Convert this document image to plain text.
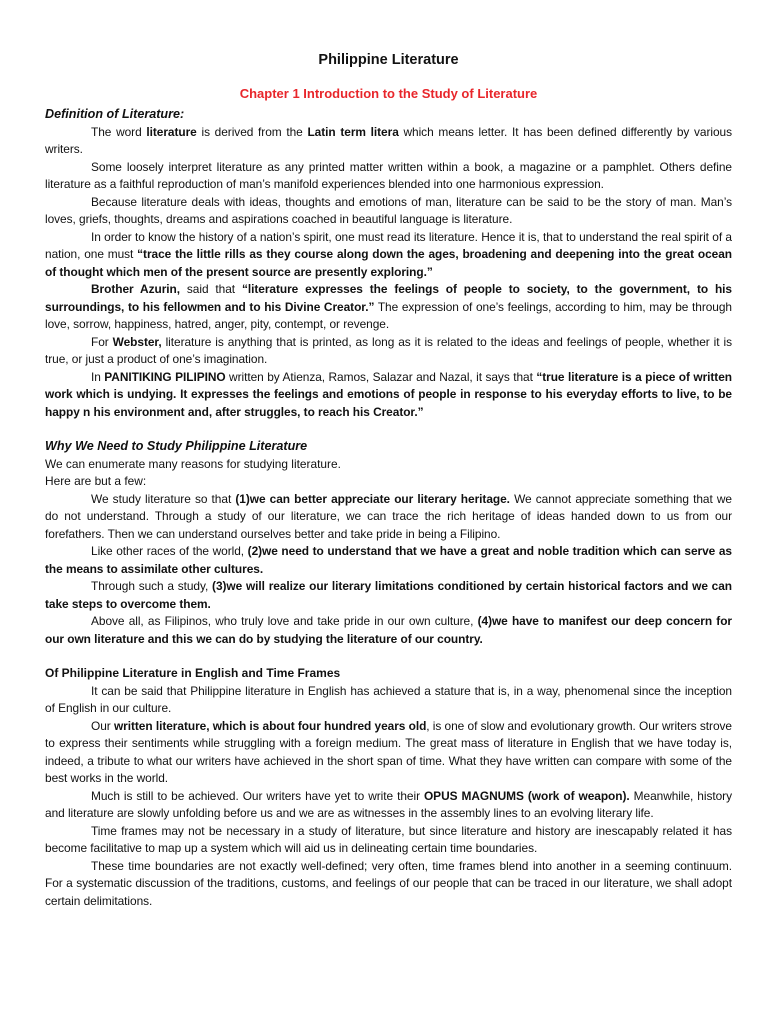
Philippine Literature
Chapter 1 Introduction to the Study of Literature
Definition of Literature:

The word literature is derived from the Latin term litera which means letter. It has been defined differently by various writers.

Some loosely interpret literature as any printed matter written within a book, a magazine or a pamphlet. Others define literature as a faithful reproduction of man’s manifold experiences blended into one harmonious expression.

Because literature deals with ideas, thoughts and emotions of man, literature can be said to be the story of man. Man’s loves, griefs, thoughts, dreams and aspirations coached in beautiful language is literature.

In order to know the history of a nation’s spirit, one must read its literature. Hence it is, that to understand the real spirit of a nation, one must “trace the little rills as they course along down the ages, broadening and deepening into the great ocean of thought which men of the present source are presently exploring.”

Brother Azurin, said that “literature expresses the feelings of people to society, to the government, to his surroundings, to his fellowmen and to his Divine Creator.” The expression of one’s feelings, according to him, may be through love, sorrow, happiness, hatred, anger, pity, contempt, or revenge.

For Webster, literature is anything that is printed, as long as it is related to the ideas and feelings of people, whether it is true, or just a product of one’s imagination.

In PANITIKING PILIPINO written by Atienza, Ramos, Salazar and Nazal, it says that “true literature is a piece of written work which is undying. It expresses the feelings and emotions of people in response to his everyday efforts to live, to be happy n his environment and, after struggles, to reach his Creator.”

Why We Need to Study Philippine Literature

We can enumerate many reasons for studying literature.

Here are but a few:

We study literature so that (1)we can better appreciate our literary heritage. We cannot appreciate something that we do not understand. Through a study of our literature, we can trace the rich heritage of ideas handed down to us from our forefathers. Then we can understand ourselves better and take pride in being a Filipino.

Like other races of the world, (2)we need to understand that we have a great and noble tradition which can serve as the means to assimilate other cultures.

Through such a study, (3)we will realize our literary limitations conditioned by certain historical factors and we can take steps to overcome them.

Above all, as Filipinos, who truly love and take pride in our own culture, (4)we have to manifest our deep concern for our own literature and this we can do by studying the literature of our country.

Of Philippine Literature in English and Time Frames

It can be said that Philippine literature in English has achieved a stature that is, in a way, phenomenal since the inception of English in our culture.

Our written literature, which is about four hundred years old, is one of slow and evolutionary growth. Our writers strove to express their sentiments while struggling with a foreign medium. The great mass of literature in English that we have today is, indeed, a tribute to what our writers have achieved in the short span of time. What they have written can compare with some of the best works in the world.

Much is still to be achieved. Our writers have yet to write their OPUS MAGNUMS (work of weapon). Meanwhile, history and literature are slowly unfolding before us and we are as witnesses in the assembly lines to an evolving literary life.

Time frames may not be necessary in a study of literature, but since literature and history are inescapably related it has become facilitative to map up a system which will aid us in delineating certain time boundaries.

These time boundaries are not exactly well-defined; very often, time frames blend into another in a seeming continuum. For a systematic discussion of the traditions, customs, and feelings of our people that can be traced in our literature, we shall adopt certain delimitations.
